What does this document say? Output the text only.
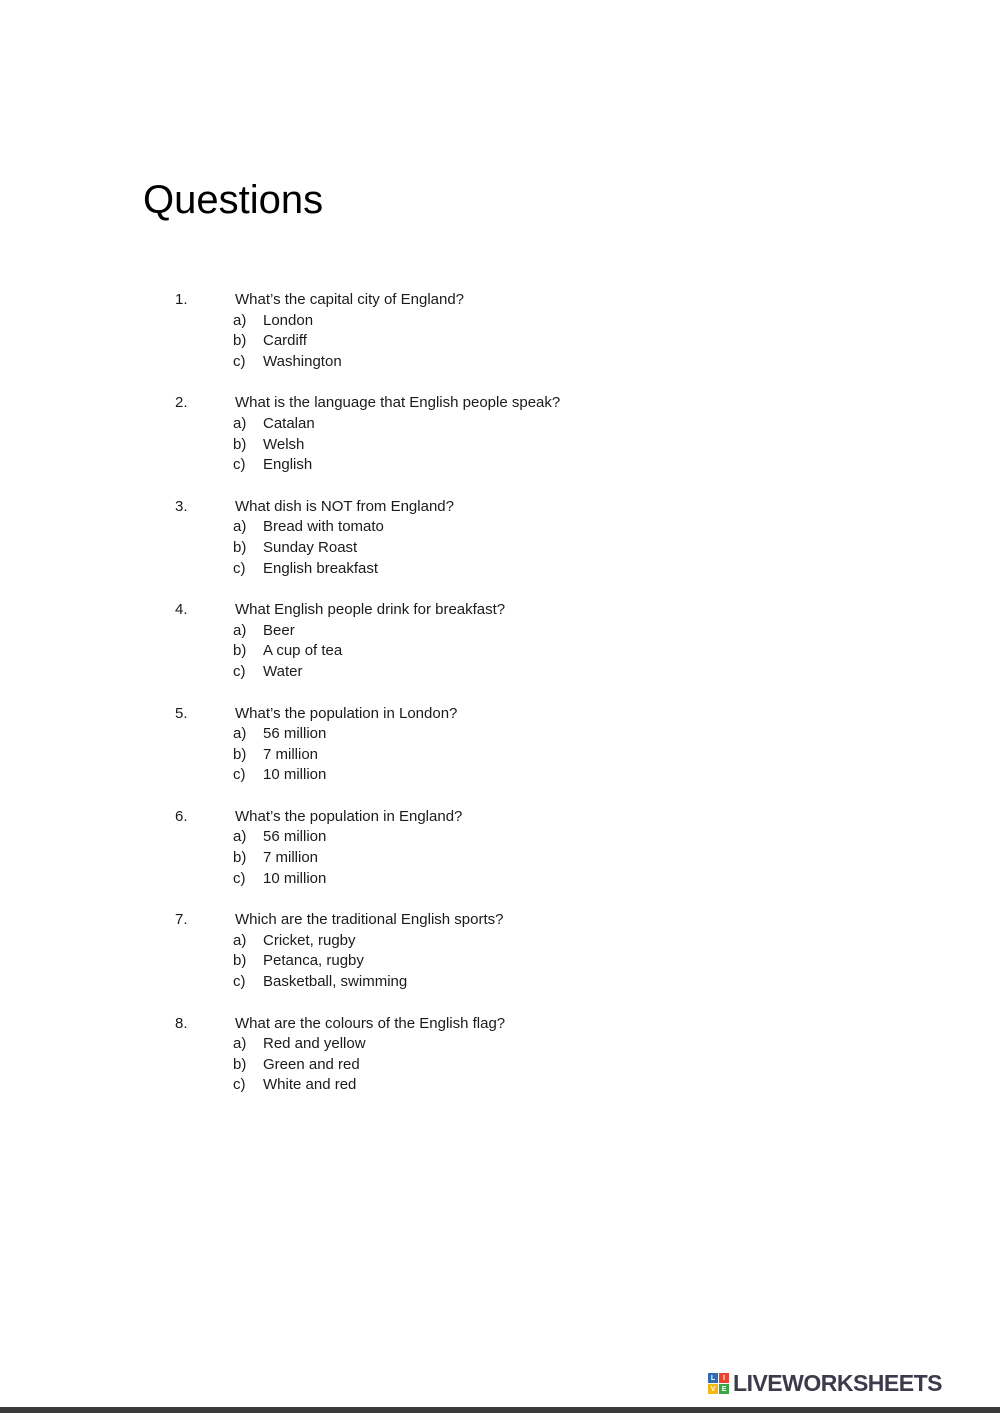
Questions
1.	What’s the capital city of England?
a)	London
b)	Cardiff
c)	Washington
2.	What is the language that English people speak?
a)	Catalan
b)	Welsh
c)	English
3.	What dish is NOT from England?
a)	Bread with tomato
b)	Sunday Roast
c)	English breakfast
4.	What English people drink for breakfast?
a)	Beer
b)	A cup of tea
c)	Water
5.	What’s the population in London?
a)	56 million
b)	7 million
c)	10 million
6.	What’s the population in England?
a)	56 million
b)	7 million
c)	10 million
7.	Which are the traditional English sports?
a)	Cricket, rugby
b)	Petanca, rugby
c)	Basketball, swimming
8.	What are the colours of the English flag?
a)	Red and yellow
b)	Green and red
c)	White and red
L	I
V E LIVEWORKSHEETS
